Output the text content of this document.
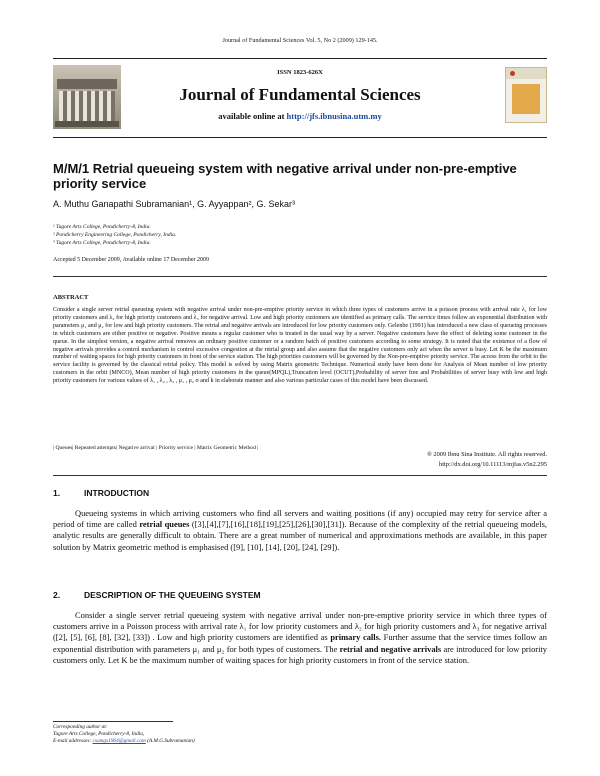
Journal of Fundamental Sciences Vol. 5, No 2 (2009) 129-145.
ISSN 1823-626X
Journal of Fundamental Sciences
available online at http://jfs.ibnusina.utm.my
M/M/1 Retrial queueing system with negative arrival under non-pre-emptive priority service
A. Muthu Ganapathi Subramanian¹, G. Ayyappan², G. Sekar³
¹ Tagore Arts College, Pondicherry-8, India.
² Pondicherry Engineering College, Pondicherry, India.
³ Tagore Arts College, Pondicherry-8, India.
Accepted 5 December 2009, Available online 17 December 2009
ABSTRACT
Consider a single server retrial queueing system with negative arrival under non-pre-emptive priority service in which three types of customers arrive in a poisson process with arrival rate λ₁ for low priority customers and λ₂ for high priority customers and λ₃ for negative arrival. Low and high priority customers are identified as primary calls. The service times follow an exponential distribution with parameters μ₁ and μ₂ for low and high priority customers. The retrial and negative arrivals are introduced for low priority customers only. Gelenbe (1991) has introduced a new class of queueing processes in which customers are either positive or negative. Positive means a regular customer who is treated in the usual way by a server. Negative customers have the effect of deleting some customer in the queue. In the simplest version, a negative arrival removes an ordinary positive customer or a random batch of positive customers according to some strategy. It is noted that the existence of a flow of negative arrivals provides a control mechanism to control excessive congestion at the retrial group and also assume that the negative customers only act when the server is busy. Let K be the maximum number of waiting spaces for high priority customers in front of the service station. The high priorities customers will be governed by the Non-pre-emptive priority service. The access from the orbit to the service facility is governed by the classical retrial policy. This model is solved by using Matrix geometric Technique. Numerical study have been done for Analysis of Mean number of low priority customers in the orbit (MNCO), Mean number of high priority customers in the queue(MPQL),Truncation level (OCUT),Probability of server free and Probabilities of server busy with low and high priority customers for various values of λ₁ , λ₂ , λ₃ , μ₁ , μ₂ σ and k in elaborate manner and also various particular cases of this model have been discussed.
| Queues| Repeated attempts| Negative arrival | Priority service | Matrix Geometric Method |
® 2009 Ibnu Sina Institute. All rights reserved.
http://dx.doi.org/10.11113/mjfas.v5n2.295
1.	INTRODUCTION
Queueing systems in which arriving customers who find all servers and waiting positions (if any) occupied may retry for service after a period of time are called retrial queues ([3],[4],[7],[16],[18],[19],[25],[26],[30],[31]). Because of the complexity of the retrial queueing models, analytic results are generally difficult to obtain. There are a great number of numerical and approximations methods are available, in this paper solution by Matrix geometric method is emphasised ([9], [10], [14], [20], [24], [29]).
2.	DESCRIPTION OF THE QUEUEING SYSTEM
Consider a single server retrial queueing system with negative arrival under non-pre-emptive priority service in which three types of customers arrive in a Poisson process with arrival rate λ₁ for low priority customers and λ₂ for high priority customers and λ₃ for negative arrival ([2], [5], [6], [8], [32], [33]) . Low and high priority customers are identified as primary calls. Further assume that the service times follow an exponential distribution with parameters μ₁ and μ₂ for both types of customers. The retrial and negative arrivals are introduced for low priority customers only. Let K be the maximum number of waiting spaces for high priority customers in front of the service station.
Corresponding author at:
Tagore Arts College, Pondicherry-8, India,
E-mail addresses: csamgs1964@gmail.com (A.M.G.Subramanian)
